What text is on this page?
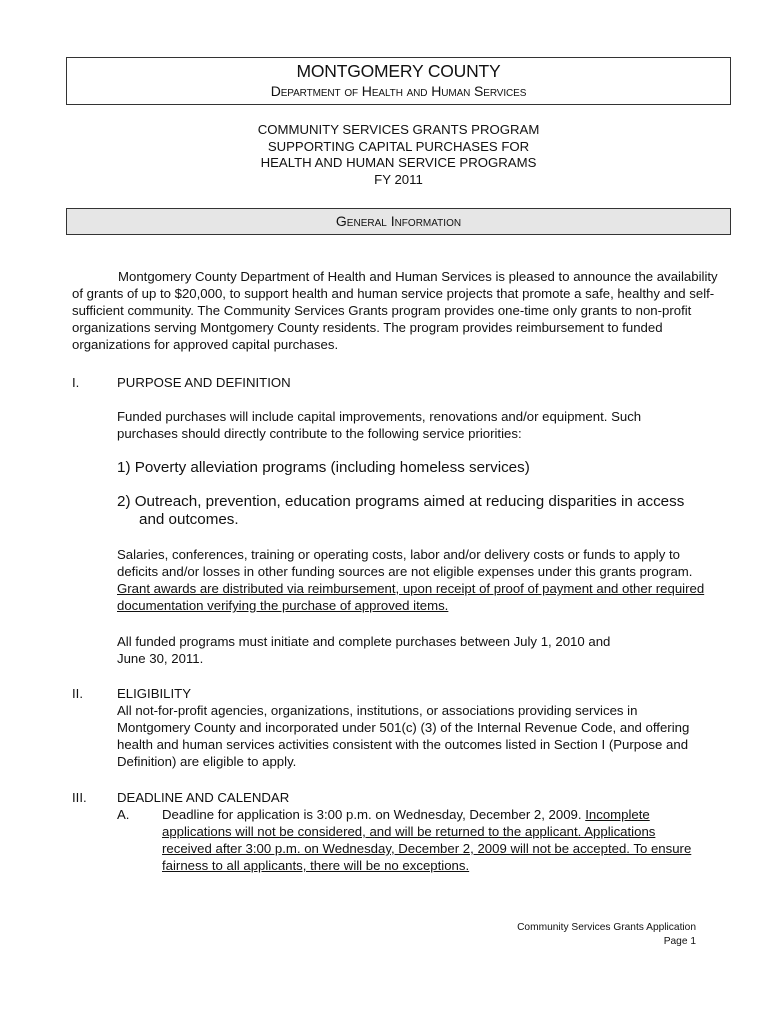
MONTGOMERY COUNTY
Department of Health and Human Services
COMMUNITY SERVICES GRANTS PROGRAM
SUPPORTING CAPITAL PURCHASES FOR
HEALTH AND HUMAN SERVICE PROGRAMS
FY 2011
General Information
Montgomery County Department of Health and Human Services is pleased to announce the availability of grants of up to $20,000, to support health and human service projects that promote a safe, healthy and self-sufficient community. The Community Services Grants program provides one-time only grants to non-profit organizations serving Montgomery County residents. The program provides reimbursement to funded organizations for approved capital purchases.
I.	PURPOSE AND DEFINITION
Funded purchases will include capital improvements, renovations and/or equipment. Such purchases should directly contribute to the following service priorities:
1) Poverty alleviation programs (including homeless services)
2) Outreach, prevention, education programs aimed at reducing disparities in access
and outcomes.
Salaries, conferences, training or operating costs, labor and/or delivery costs or funds to apply to deficits and/or losses in other funding sources are not eligible expenses under this grants program. Grant awards are distributed via reimbursement, upon receipt of proof of payment and other required documentation verifying the purchase of approved items.
All funded programs must initiate and complete purchases between July 1, 2010 and
June 30, 2011.
II.	ELIGIBILITY
All not-for-profit agencies, organizations, institutions, or associations providing services in Montgomery County and incorporated under 501(c) (3) of the Internal Revenue Code, and offering health and human services activities consistent with the outcomes listed in Section I (Purpose and Definition) are eligible to apply.
III. DEADLINE AND CALENDAR
A. Deadline for application is 3:00 p.m. on Wednesday, December 2, 2009. Incomplete applications will not be considered, and will be returned to the applicant. Applications received after 3:00 p.m. on Wednesday, December 2, 2009 will not be accepted. To ensure fairness to all applicants, there will be no exceptions.
Community Services Grants Application
Page 1
